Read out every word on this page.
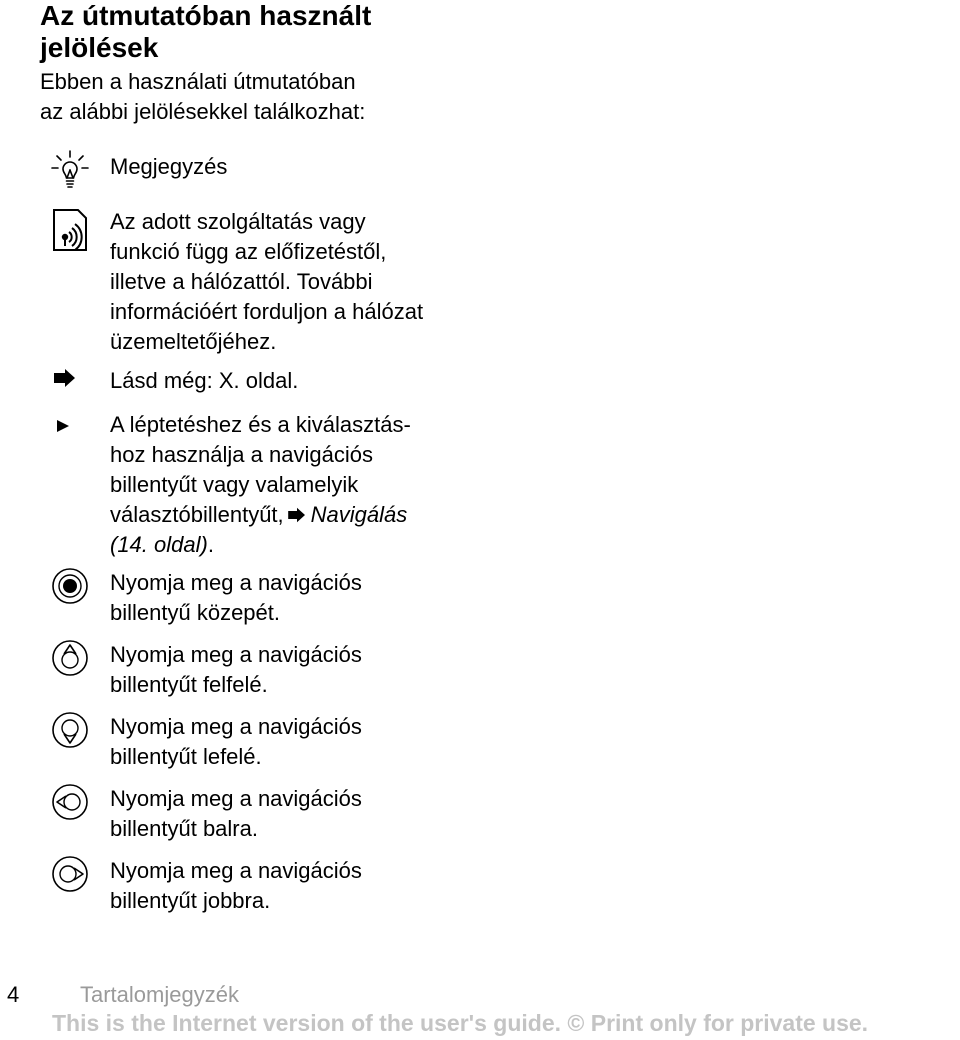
Az útmutatóban használt
jelölések
Ebben a használati útmutatóban
az alábbi jelölésekkel találkozhat:
Megjegyzés
Az adott szolgáltatás vagy
funkció függ az előfizetéstől,
illetve a hálózattól. További
információért forduljon a hálózat
üzemeltetőjéhez.
Lásd még: X. oldal.
A léptetéshez és a kiválasztás-
hoz használja a navigációs
billentyűt vagy valamelyik
választóbillentyűt, Navigálás
(14. oldal).
Nyomja meg a navigációs
billentyű közepét.
Nyomja meg a navigációs
billentyűt felfelé.
Nyomja meg a navigációs
billentyűt lefelé.
Nyomja meg a navigációs
billentyűt balra.
Nyomja meg a navigációs
billentyűt jobbra.
4	Tartalomjegyzék
This is the Internet version of the user's guide. © Print only for private use.
